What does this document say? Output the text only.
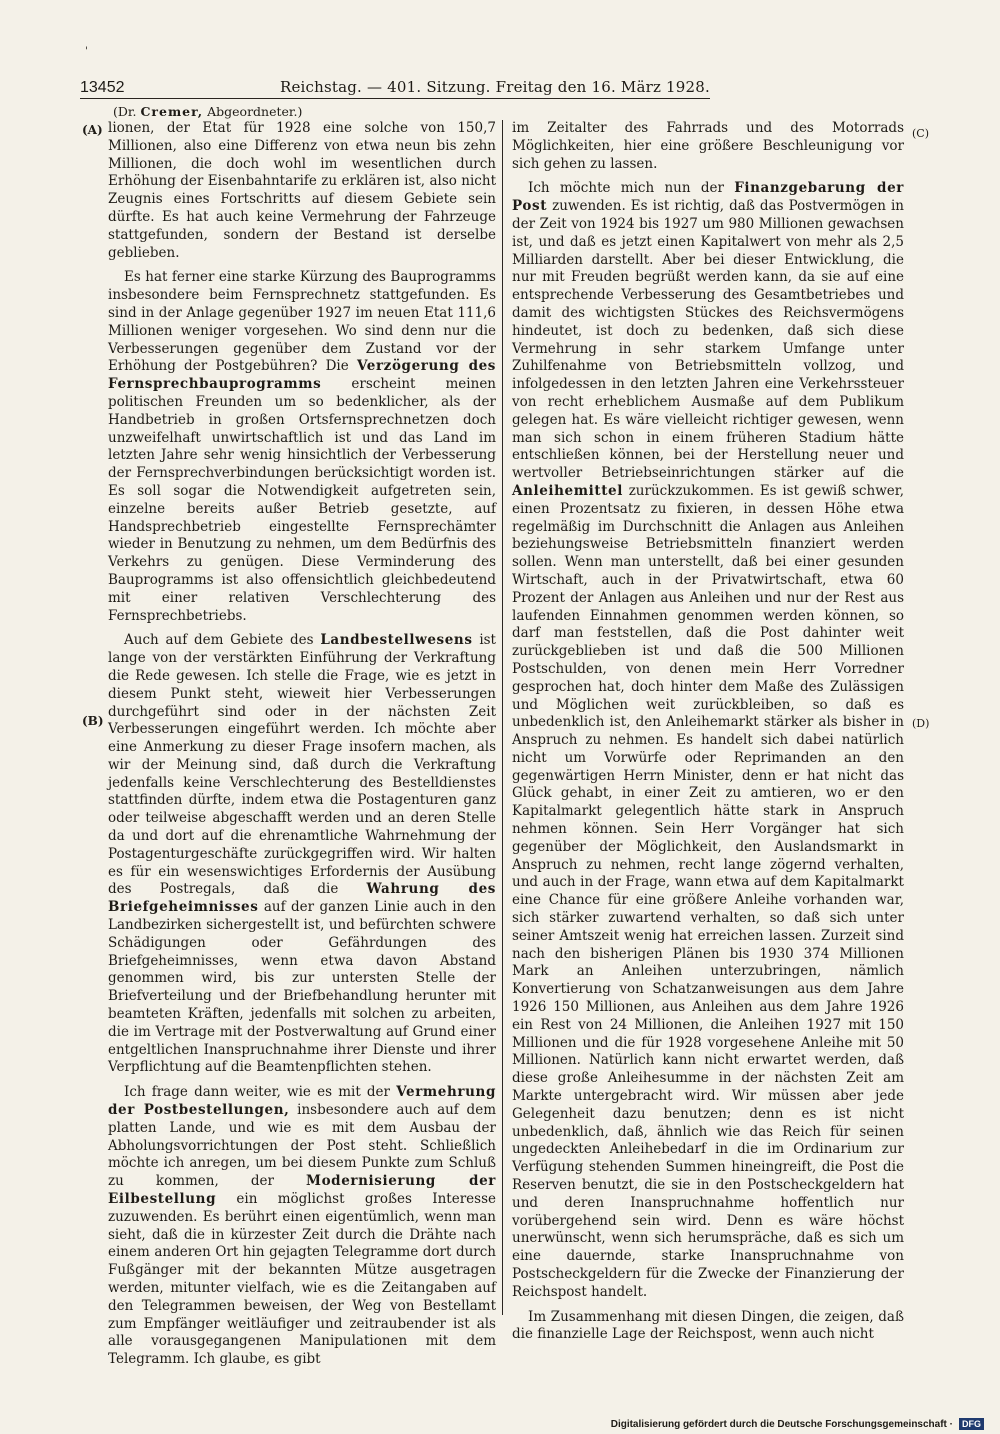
'
13452	Reichstag. — 401. Sitzung. Freitag den 16. März 1928.
(Dr. Cremer, Abgeordneter.)
(A)
(B)
(C)
(D)

lionen, der Etat für 1928 eine solche von 150,7 Millionen, also eine Differenz von etwa neun bis zehn Millionen, die doch wohl im wesentlichen durch Erhöhung der Eisenbahntarife zu erklären ist, also nicht Zeugnis eines Fortschritts auf diesem Gebiete sein dürfte. Es hat auch keine Vermehrung der Fahrzeuge stattgefunden, sondern der Bestand ist derselbe geblieben.

Es hat ferner eine starke Kürzung des Bauprogramms insbesondere beim Fernsprechnetz stattgefunden. Es sind in der Anlage gegenüber 1927 im neuen Etat 111,6 Millionen weniger vorgesehen. Wo sind denn nur die Verbesserungen gegenüber dem Zustand vor der Erhöhung der Postgebühren? Die Verzögerung des Fernsprechbauprogramms erscheint meinen politischen Freunden um so bedenklicher, als der Handbetrieb in großen Ortsfernsprechnetzen doch unzweifelhaft unwirtschaftlich ist und das Land im letzten Jahre sehr wenig hinsichtlich der Verbesserung der Fernsprechverbindungen berücksichtigt worden ist. Es soll sogar die Notwendigkeit aufgetreten sein, einzelne bereits außer Betrieb gesetzte, auf Handsprechbetrieb eingestellte Fernsprechämter wieder in Benutzung zu nehmen, um dem Bedürfnis des Verkehrs zu genügen. Diese Verminderung des Bauprogramms ist also offensichtlich gleichbedeutend mit einer relativen Verschlechterung des Fernsprechbetriebs.

Auch auf dem Gebiete des Landbestellwesens ist lange von der verstärkten Einführung der Verkraftung die Rede gewesen. Ich stelle die Frage, wie es jetzt in diesem Punkt steht, wieweit hier Verbesserungen durchgeführt sind oder in der nächsten Zeit Verbesserungen eingeführt werden. Ich möchte aber eine Anmerkung zu dieser Frage insofern machen, als wir der Meinung sind, daß durch die Verkraftung jedenfalls keine Verschlechterung des Bestelldienstes stattfinden dürfte, indem etwa die Postagenturen ganz oder teilweise abgeschafft werden und an deren Stelle da und dort auf die ehrenamtliche Wahrnehmung der Postagenturgeschäfte zurückgegriffen wird. Wir halten es für ein wesenswichtiges Erfordernis der Ausübung des Postregals, daß die Wahrung des Briefgeheimnisses auf der ganzen Linie auch in den Landbezirken sichergestellt ist, und befürchten schwere Schädigungen oder Gefährdungen des Briefgeheimnisses, wenn etwa davon Abstand genommen wird, bis zur untersten Stelle der Briefverteilung und der Briefbehandlung herunter mit beamteten Kräften, jedenfalls mit solchen zu arbeiten, die im Vertrage mit der Postverwaltung auf Grund einer entgeltlichen Inanspruchnahme ihrer Dienste und ihrer Verpflichtung auf die Beamtenpflichten stehen.

Ich frage dann weiter, wie es mit der Vermehrung der Postbestellungen, insbesondere auch auf dem platten Lande, und wie es mit dem Ausbau der Abholungsvorrichtungen der Post steht. Schließlich möchte ich anregen, um bei diesem Punkte zum Schluß zu kommen, der Modernisierung der Eilbestellung ein möglichst großes Interesse zuzuwenden. Es berührt einen eigentümlich, wenn man sieht, daß die in kürzester Zeit durch die Drähte nach einem anderen Ort hin gejagten Telegramme dort durch Fußgänger mit der bekannten Mütze ausgetragen werden, mitunter vielfach, wie es die Zeitangaben auf den Telegrammen beweisen, der Weg von Bestellamt zum Empfänger weitläufiger und zeitraubender ist als alle vorausgegangenen Manipulationen mit dem Telegramm. Ich glaube, es gibt

im Zeitalter des Fahrrads und des Motorrads Möglichkeiten, hier eine größere Beschleunigung vor sich gehen zu lassen.

Ich möchte mich nun der Finanzgebarung der Post zuwenden. Es ist richtig, daß das Postvermögen in der Zeit von 1924 bis 1927 um 980 Millionen gewachsen ist, und daß es jetzt einen Kapitalwert von mehr als 2,5 Milliarden darstellt. Aber bei dieser Entwicklung, die nur mit Freuden begrüßt werden kann, da sie auf eine entsprechende Verbesserung des Gesamtbetriebes und damit des wichtigsten Stückes des Reichsvermögens hindeutet, ist doch zu bedenken, daß sich diese Vermehrung in sehr starkem Umfange unter Zuhilfenahme von Betriebsmitteln vollzog, und infolgedessen in den letzten Jahren eine Verkehrssteuer von recht erheblichem Ausmaße auf dem Publikum gelegen hat. Es wäre vielleicht richtiger gewesen, wenn man sich schon in einem früheren Stadium hätte entschließen können, bei der Herstellung neuer und wertvoller Betriebseinrichtungen stärker auf die Anleihemittel zurückzukommen. Es ist gewiß schwer, einen Prozentsatz zu fixieren, in dessen Höhe etwa regelmäßig im Durchschnitt die Anlagen aus Anleihen beziehungsweise Betriebsmitteln finanziert werden sollen. Wenn man unterstellt, daß bei einer gesunden Wirtschaft, auch in der Privatwirtschaft, etwa 60 Prozent der Anlagen aus Anleihen und nur der Rest aus laufenden Einnahmen genommen werden können, so darf man feststellen, daß die Post dahinter weit zurückgeblieben ist und daß die 500 Millionen Postschulden, von denen mein Herr Vorredner gesprochen hat, doch hinter dem Maße des Zulässigen und Möglichen weit zurückbleiben, so daß es unbedenklich ist, den Anleihemarkt stärker als bisher in Anspruch zu nehmen. Es handelt sich dabei natürlich nicht um Vorwürfe oder Reprimanden an den gegenwärtigen Herrn Minister, denn er hat nicht das Glück gehabt, in einer Zeit zu amtieren, wo er den Kapitalmarkt gelegentlich hätte stark in Anspruch nehmen können. Sein Herr Vorgänger hat sich gegenüber der Möglichkeit, den Auslandsmarkt in Anspruch zu nehmen, recht lange zögernd verhalten, und auch in der Frage, wann etwa auf dem Kapitalmarkt eine Chance für eine größere Anleihe vorhanden war, sich stärker zuwartend verhalten, so daß sich unter seiner Amtszeit wenig hat erreichen lassen. Zurzeit sind nach den bisherigen Plänen bis 1930 374 Millionen Mark an Anleihen unterzubringen, nämlich Konvertierung von Schatzanweisungen aus dem Jahre 1926 150 Millionen, aus Anleihen aus dem Jahre 1926 ein Rest von 24 Millionen, die Anleihen 1927 mit 150 Millionen und die für 1928 vorgesehene Anleihe mit 50 Millionen. Natürlich kann nicht erwartet werden, daß diese große Anleihesumme in der nächsten Zeit am Markte untergebracht wird. Wir müssen aber jede Gelegenheit dazu benutzen; denn es ist nicht unbedenklich, daß, ähnlich wie das Reich für seinen ungedeckten Anleihebedarf in die im Ordinarium zur Verfügung stehenden Summen hineingreift, die Post die Reserven benutzt, die sie in den Postscheckgeldern hat und deren Inanspruchnahme hoffentlich nur vorübergehend sein wird. Denn es wäre höchst unerwünscht, wenn sich herumspräche, daß es sich um eine dauernde, starke Inanspruchnahme von Postscheckgeldern für die Zwecke der Finanzierung der Reichspost handelt.

Im Zusammenhang mit diesen Dingen, die zeigen, daß die finanzielle Lage der Reichspost, wenn auch nicht

Digitalisierung gefördert durch die Deutsche Forschungsgemeinschaft ·	DFG
